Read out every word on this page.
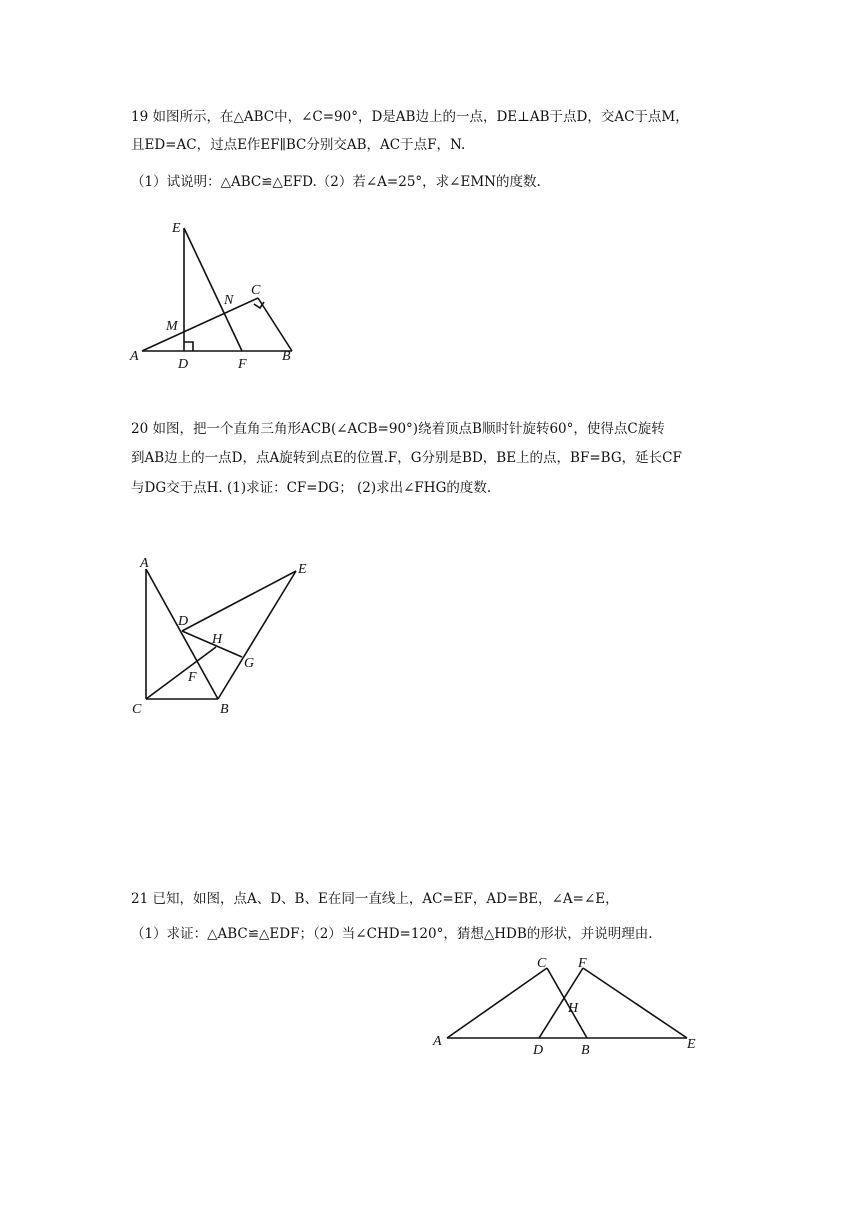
19 如图所示，在△ABC中，∠C=90°，D是AB边上的一点，DE⊥AB于点D，交AC于点M，
且ED=AC，过点E作EF∥BC分别交AB，AC于点F，N.
（1）试说明：△ABC≌△EFD.（2）若∠A=25°，求∠EMN的度数.
E
N
C
M
A
D	F
B
20 如图，把一个直角三角形ACB(∠ACB=90°)绕着顶点B顺时针旋转60°，使得点C旋转
到AB边上的一点D，点A旋转到点E的位置.F，G分别是BD，BE上的点，BF=BG，延长CF
与DG交于点H. (1)求证：CF=DG； (2)求出∠FHG的度数.
A	E
D
H
G
F
C	B
21 已知，如图，点A、D、B、E在同一直线上，AC=EF，AD=BE，∠A=∠E，
（1）求证：△ABC≌△EDF；（2）当∠CHD=120°，猜想△HDB的形状，并说明理由.
C F
H
A
D	B	E
